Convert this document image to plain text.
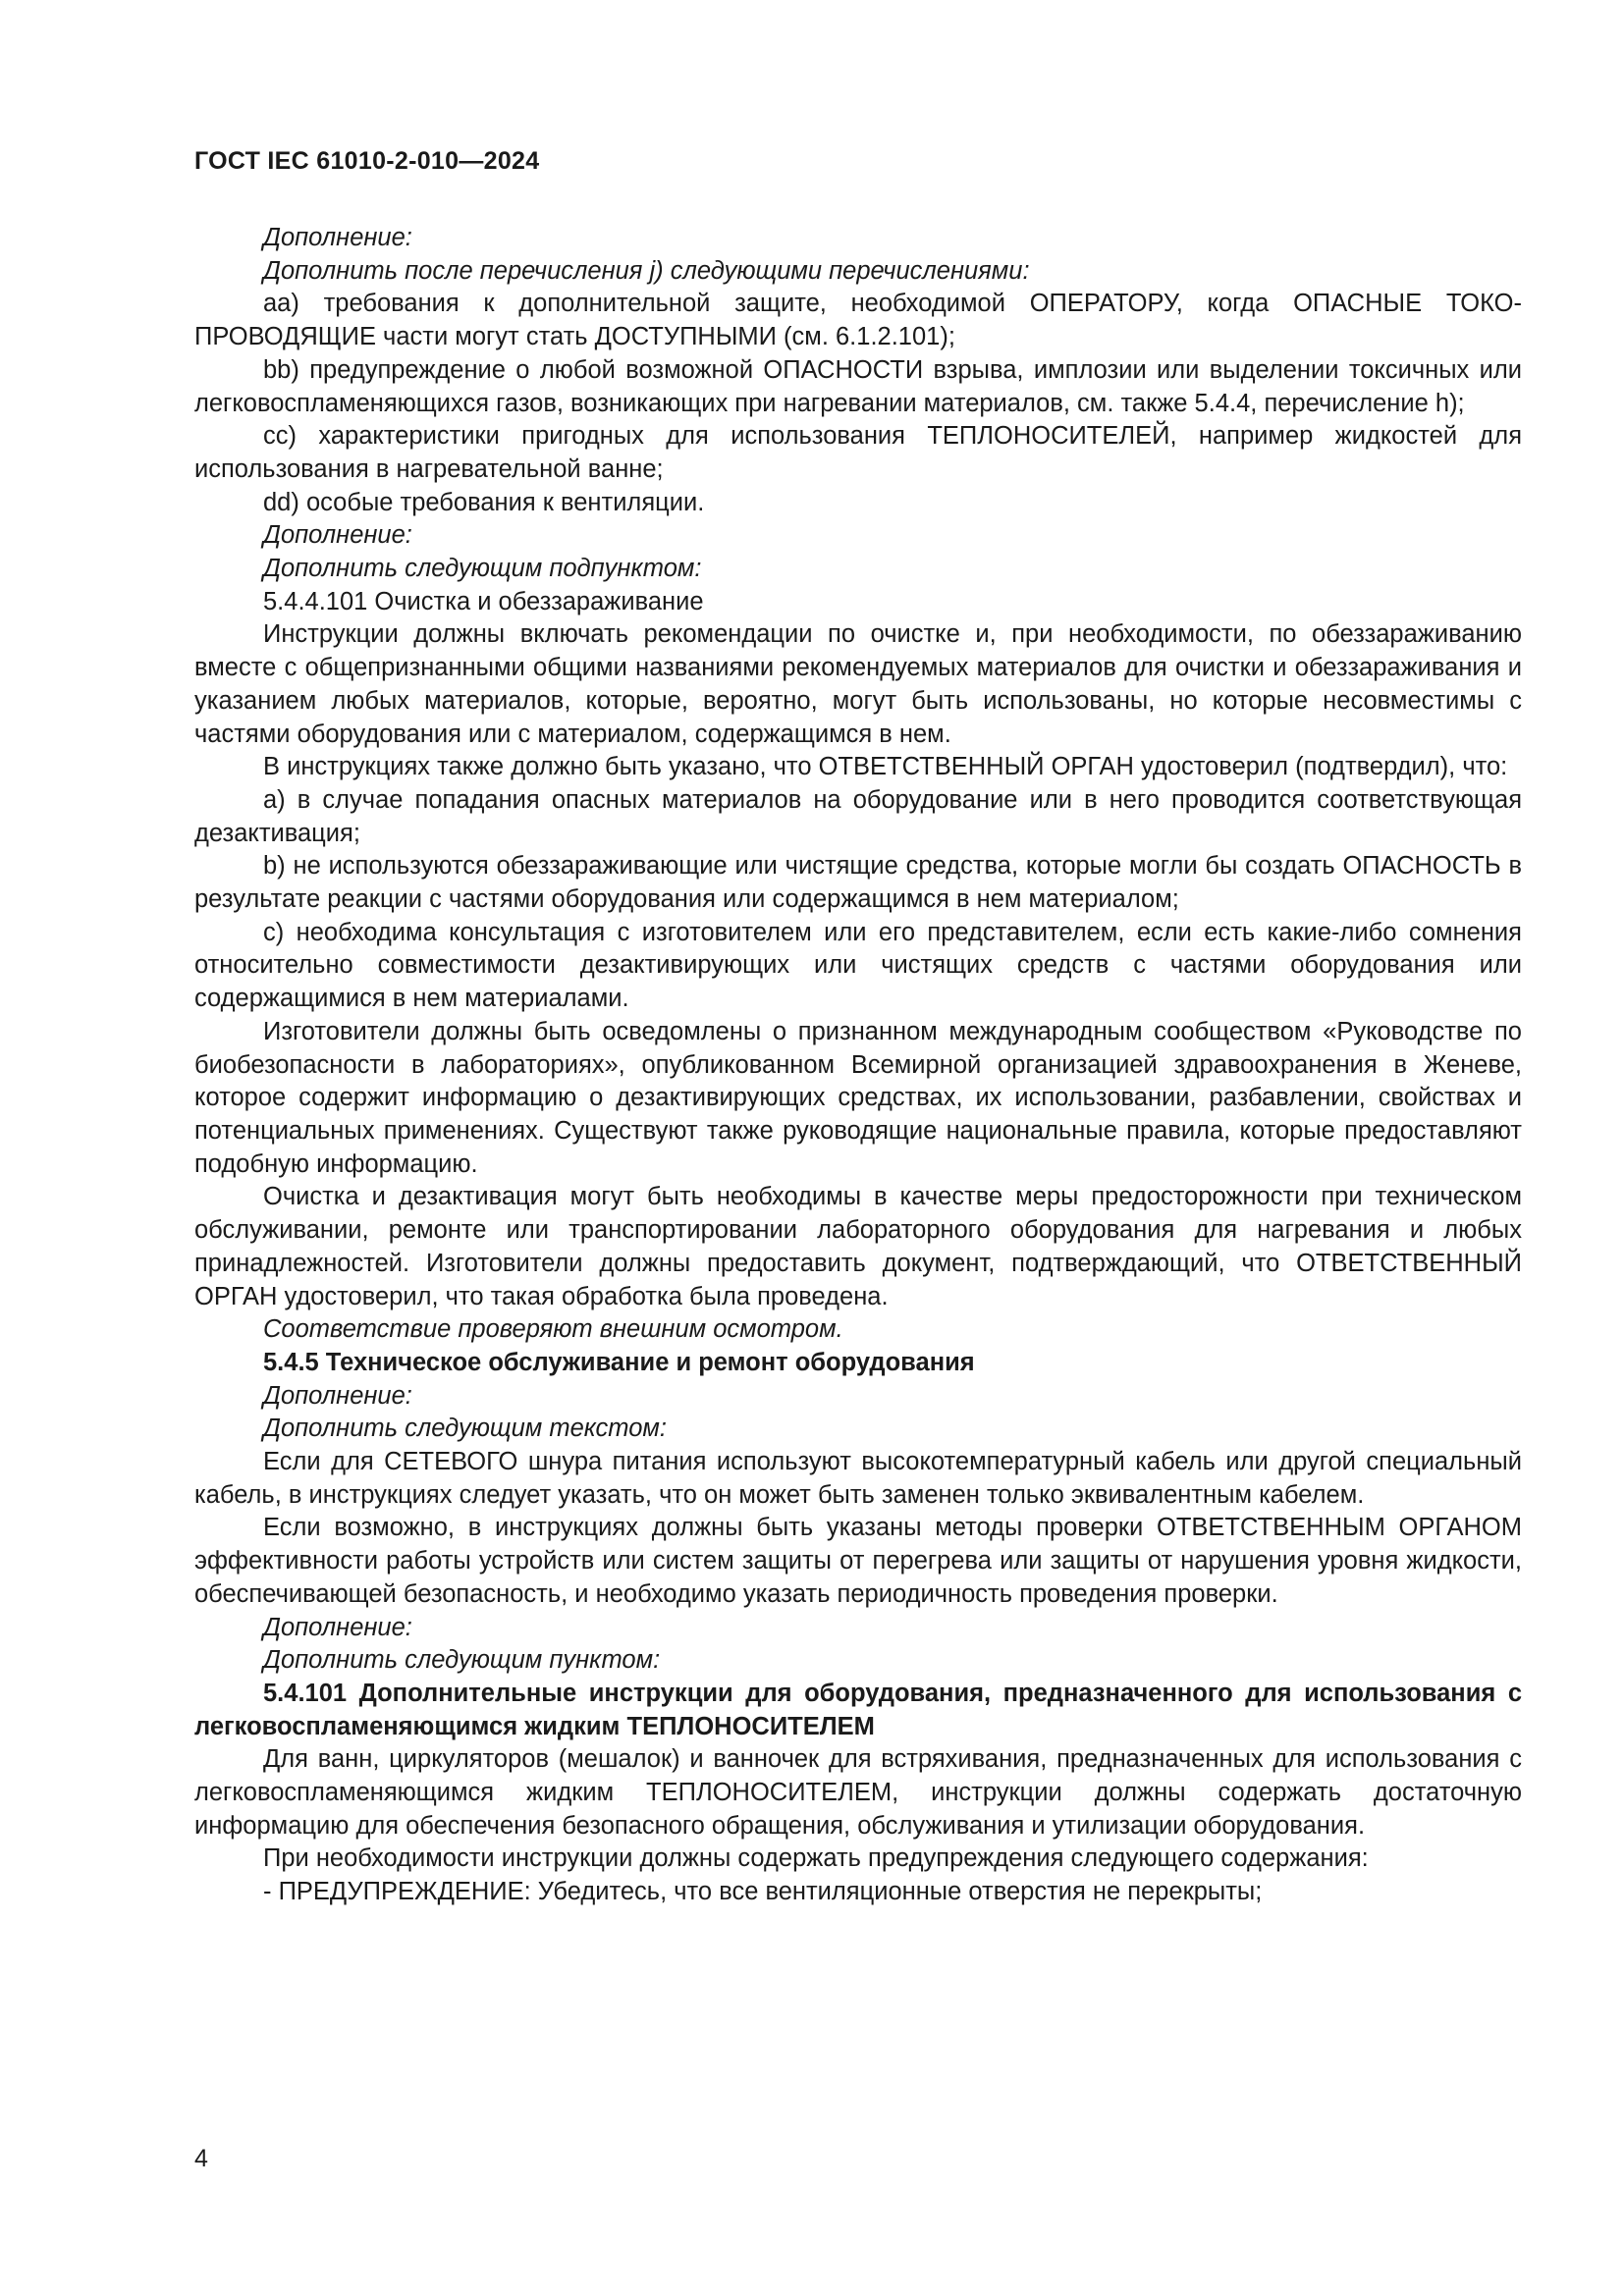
ГОСТ IEC 61010-2-010—2024

Дополнение:

Дополнить после перечисления j) следующими перечислениями:

aa) требования к дополнительной защите, необходимой ОПЕРАТОРУ, когда ОПАСНЫЕ ТОКОПРОВОДЯЩИЕ части могут стать ДОСТУПНЫМИ (см. 6.1.2.101);

bb) предупреждение о любой возможной ОПАСНОСТИ взрыва, имплозии или выделении токсичных или легковоспламеняющихся газов, возникающих при нагревании материалов, см. также 5.4.4, перечисление h);

cc) характеристики пригодных для использования ТЕПЛОНОСИТЕЛЕЙ, например жидкостей для использования в нагревательной ванне;

dd) особые требования к вентиляции.

Дополнение:

Дополнить следующим подпунктом:

5.4.4.101 Очистка и обеззараживание

Инструкции должны включать рекомендации по очистке и, при необходимости, по обеззараживанию вместе с общепризнанными общими названиями рекомендуемых материалов для очистки и обеззараживания и указанием любых материалов, которые, вероятно, могут быть использованы, но которые несовместимы с частями оборудования или с материалом, содержащимся в нем.

В инструкциях также должно быть указано, что ОТВЕТСТВЕННЫЙ ОРГАН удостоверил (подтвердил), что:

a) в случае попадания опасных материалов на оборудование или в него проводится соответствующая дезактивация;

b) не используются обеззараживающие или чистящие средства, которые могли бы создать ОПАСНОСТЬ в результате реакции с частями оборудования или содержащимся в нем материалом;

c) необходима консультация с изготовителем или его представителем, если есть какие-либо сомнения относительно совместимости дезактивирующих или чистящих средств с частями оборудования или содержащимися в нем материалами.

Изготовители должны быть осведомлены о признанном международным сообществом «Руководстве по биобезопасности в лабораториях», опубликованном Всемирной организацией здравоохранения в Женеве, которое содержит информацию о дезактивирующих средствах, их использовании, разбавлении, свойствах и потенциальных применениях. Существуют также руководящие национальные правила, которые предоставляют подобную информацию.

Очистка и дезактивация могут быть необходимы в качестве меры предосторожности при техническом обслуживании, ремонте или транспортировании лабораторного оборудования для нагревания и любых принадлежностей. Изготовители должны предоставить документ, подтверждающий, что ОТВЕТСТВЕННЫЙ ОРГАН удостоверил, что такая обработка была проведена.

Соответствие проверяют внешним осмотром.

5.4.5 Техническое обслуживание и ремонт оборудования

Дополнение:

Дополнить следующим текстом:

Если для СЕТЕВОГО шнура питания используют высокотемпературный кабель или другой специальный кабель, в инструкциях следует указать, что он может быть заменен только эквивалентным кабелем.

Если возможно, в инструкциях должны быть указаны методы проверки ОТВЕТСТВЕННЫМ ОРГАНОМ эффективности работы устройств или систем защиты от перегрева или защиты от нарушения уровня жидкости, обеспечивающей безопасность, и необходимо указать периодичность проведения проверки.

Дополнение:

Дополнить следующим пунктом:

5.4.101 Дополнительные инструкции для оборудования, предназначенного для использования с легковоспламеняющимся жидким ТЕПЛОНОСИТЕЛЕМ

Для ванн, циркуляторов (мешалок) и ванночек для встряхивания, предназначенных для использования с легковоспламеняющимся жидким ТЕПЛОНОСИТЕЛЕМ, инструкции должны содержать достаточную информацию для обеспечения безопасного обращения, обслуживания и утилизации оборудования.

При необходимости инструкции должны содержать предупреждения следующего содержания:

- ПРЕДУПРЕЖДЕНИЕ: Убедитесь, что все вентиляционные отверстия не перекрыты;

4
